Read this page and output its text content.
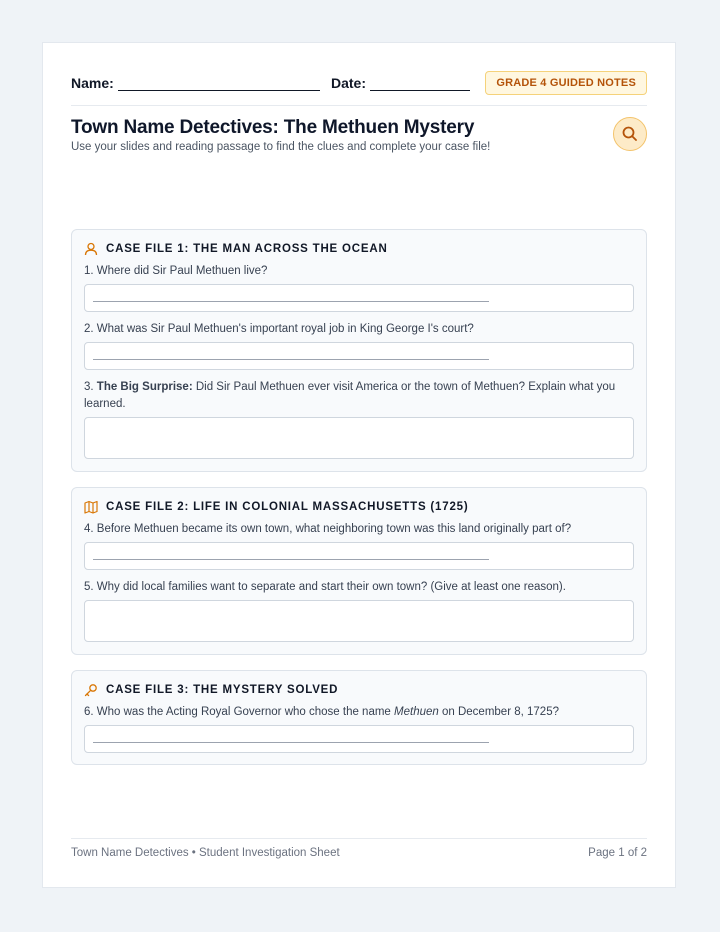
Name:	Date:	GRADE 4 GUIDED NOTES
Town Name Detectives: The Methuen Mystery
Use your slides and reading passage to find the clues and complete your case file!
CASE FILE 1: THE MAN ACROSS THE OCEAN
1. Where did Sir Paul Methuen live?
2. What was Sir Paul Methuen's important royal job in King George I's court?
3. The Big Surprise: Did Sir Paul Methuen ever visit America or the town of Methuen? Explain what you learned.
CASE FILE 2: LIFE IN COLONIAL MASSACHUSETTS (1725)
4. Before Methuen became its own town, what neighboring town was this land originally part of?
5. Why did local families want to separate and start their own town? (Give at least one reason).
CASE FILE 3: THE MYSTERY SOLVED
6. Who was the Acting Royal Governor who chose the name Methuen on December 8, 1725?
Town Name Detectives • Student Investigation Sheet	Page 1 of 2
